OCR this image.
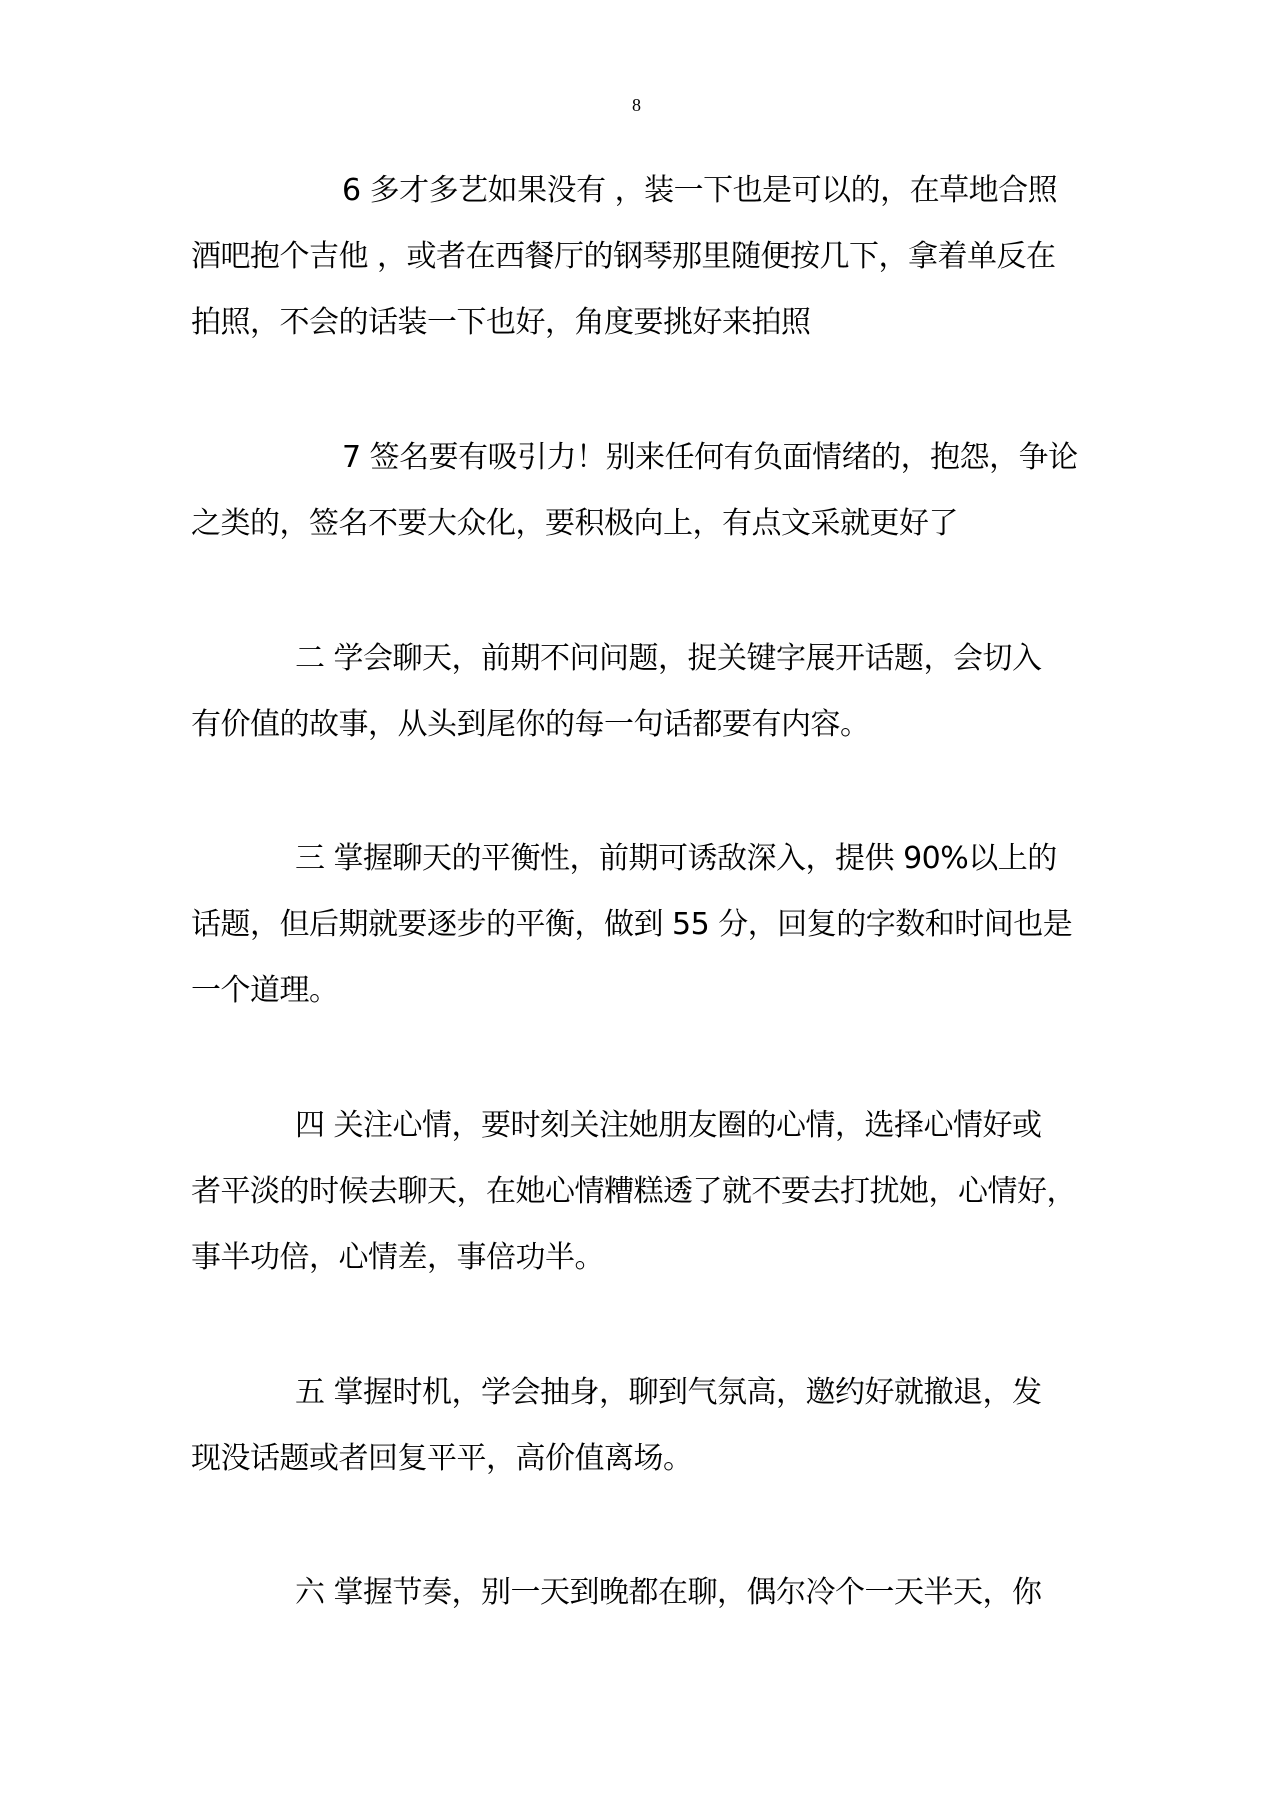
8

6 多才多艺如果没有 ，装一下也是可以的，在草地合照
酒吧抱个吉他 ，或者在西餐厅的钢琴那里随便按几下，拿着单反在
拍照，不会的话装一下也好，角度要挑好来拍照

7 签名要有吸引力！别来任何有负面情绪的，抱怨，争论
之类的，签名不要大众化，要积极向上，有点文采就更好了

二 学会聊天，前期不问问题，捉关键字展开话题，会切入
有价值的故事，从头到尾你的每一句话都要有内容。

三 掌握聊天的平衡性，前期可诱敌深入，提供 90%以上的
话题，但后期就要逐步的平衡，做到 55 分，回复的字数和时间也是
一个道理。

四 关注心情，要时刻关注她朋友圈的心情，选择心情好或
者平淡的时候去聊天，在她心情糟糕透了就不要去打扰她，心情好，
事半功倍，心情差，事倍功半。

五 掌握时机，学会抽身，聊到气氛高，邀约好就撤退，发
现没话题或者回复平平，高价值离场。

六 掌握节奏，别一天到晚都在聊，偶尔冷个一天半天，你
